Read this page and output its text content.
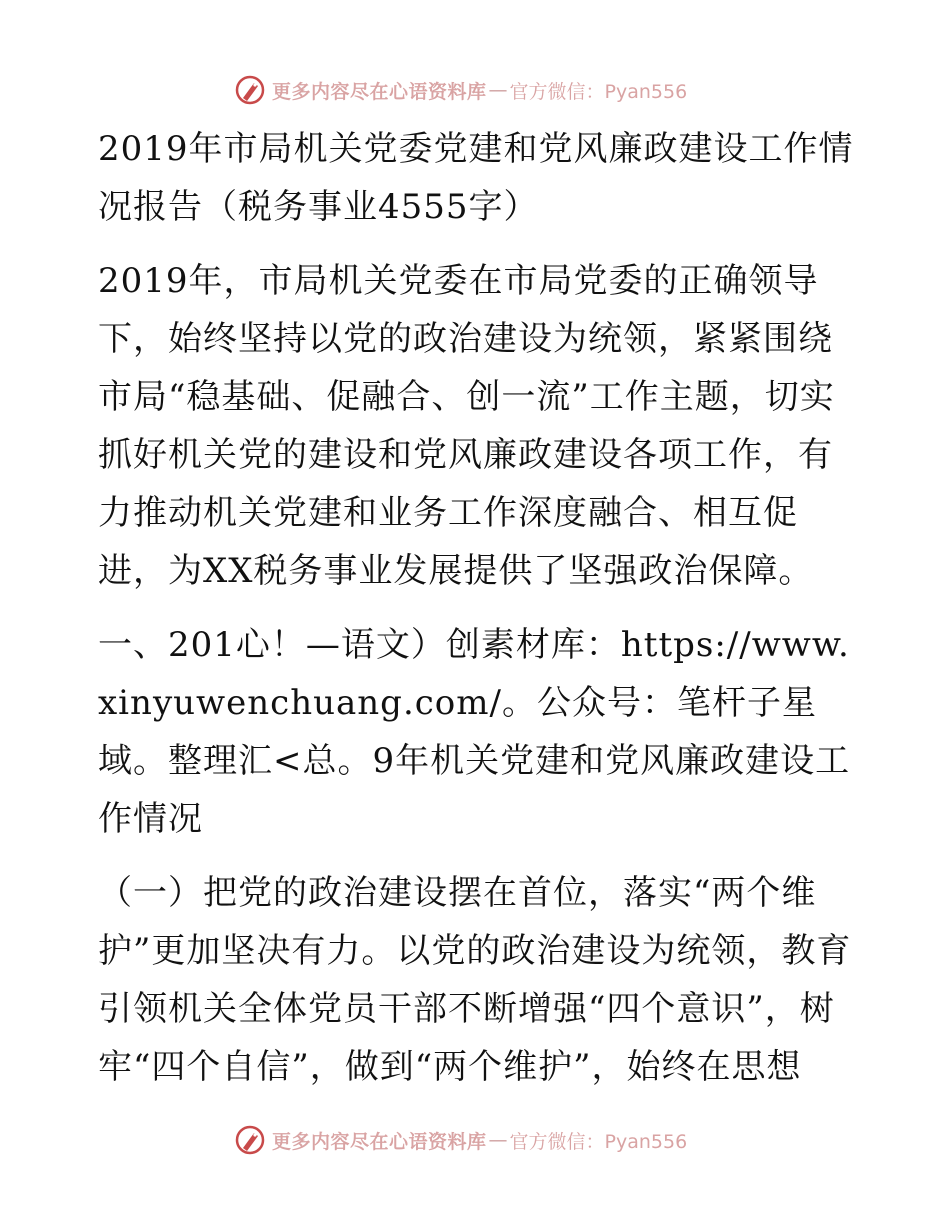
更多内容尽在心语资料库 — 官方微信：Pyan556

2019年市局机关党委党建和党风廉政建设工作情况报告（税务事业4555字）

2019年，市局机关党委在市局党委的正确领导下，始终坚持以党的政治建设为统领，紧紧围绕市局“稳基础、促融合、创一流”工作主题，切实抓好机关党的建设和党风廉政建设各项工作，有力推动机关党建和业务工作深度融合、相互促进，为XX税务事业发展提供了坚强政治保障。

一、201心！—语文）创素材库：https://www.xinyuwenchuang.com/。公众号：笔杆子星域。整理汇<总。9年机关党建和党风廉政建设工作情况

（一）把党的政治建设摆在首位，落实“两个维护”更加坚决有力。以党的政治建设为统领，教育引领机关全体党员干部不断增强“四个意识”，树牢“四个自信”，做到“两个维护”，始终在思想

更多内容尽在心语资料库 — 官方微信：Pyan556
